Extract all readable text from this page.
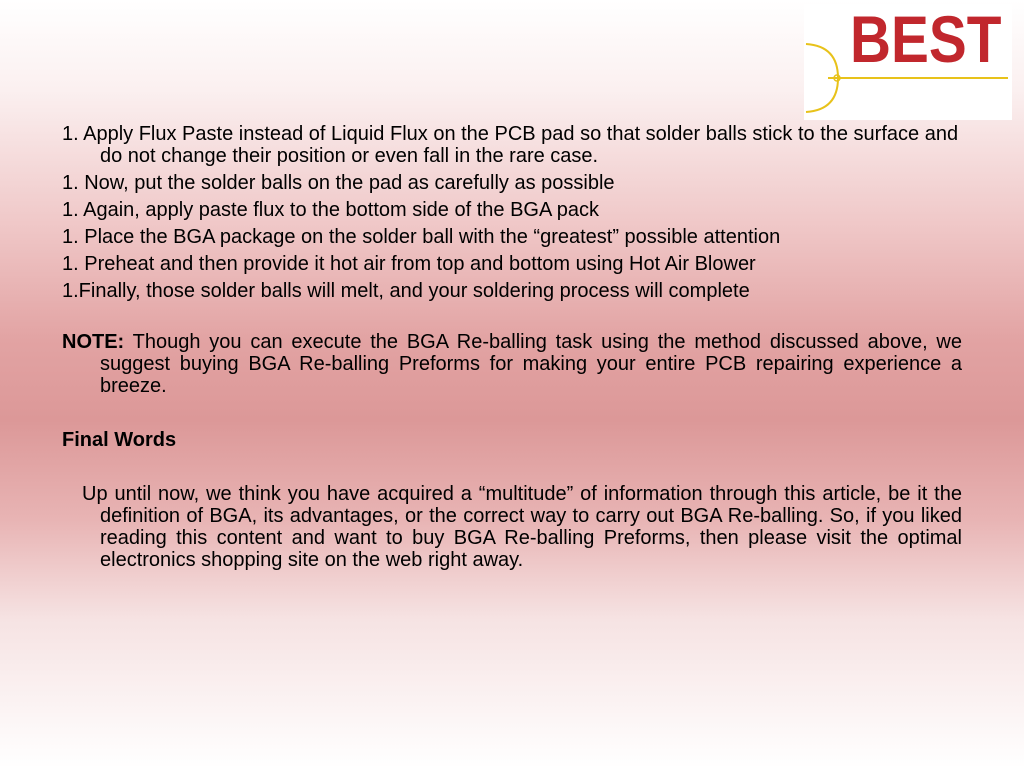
BEST
1. Apply Flux Paste instead of Liquid Flux on the PCB pad so that solder balls stick to the surface and do not change their position or even fall in the rare case.
1. Now, put the solder balls on the pad as carefully as possible
1. Again, apply paste flux to the bottom side of the BGA pack
1. Place the BGA package on the solder ball with the “greatest” possible attention
1. Preheat and then provide it hot air from top and bottom using Hot Air Blower
1.Finally, those solder balls will melt, and your soldering process will complete
NOTE: Though you can execute the BGA Re-balling task using the method discussed above, we suggest buying BGA Re-balling Preforms for making your entire PCB repairing experience a breeze.
Final Words
Up until now, we think you have acquired a “multitude” of information through this article, be it the definition of BGA, its advantages, or the correct way to carry out BGA Re-balling. So, if you liked reading this content and want to buy BGA Re-balling Preforms, then please visit the optimal electronics shopping site on the web right away.
